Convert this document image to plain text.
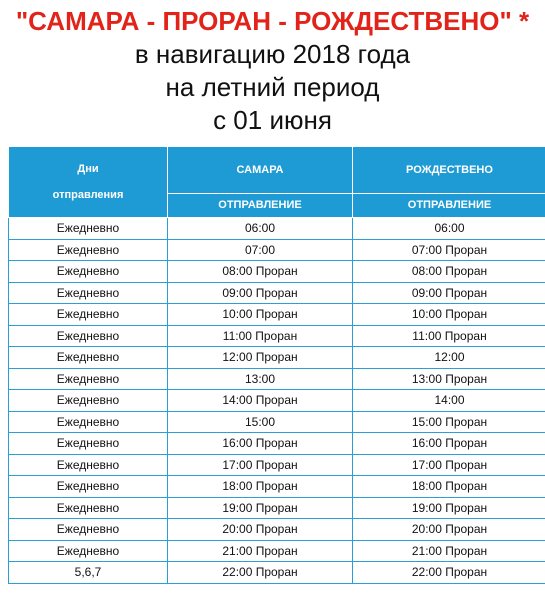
"САМАРА - ПРОРАН - РОЖДЕСТВЕНО" *

в навигацию 2018 года

на летний период

с 01 июня

Дни
отправления	САМАРА	РОЖДЕСТВЕНО
	ОТПРАВЛЕНИЕ	ОТПРАВЛЕНИЕ
Ежедневно	06:00	06:00
Ежедневно	07:00	07:00 Проран
Ежедневно	08:00 Проран	08:00 Проран
Ежедневно	09:00 Проран	09:00 Проран
Ежедневно	10:00 Проран	10:00 Проран
Ежедневно	11:00 Проран	11:00 Проран
Ежедневно	12:00 Проран	12:00
Ежедневно	13:00	13:00 Проран
Ежедневно	14:00 Проран	14:00
Ежедневно	15:00	15:00 Проран
Ежедневно	16:00 Проран	16:00 Проран
Ежедневно	17:00 Проран	17:00 Проран
Ежедневно	18:00 Проран	18:00 Проран
Ежедневно	19:00 Проран	19:00 Проран
Ежедневно	20:00 Проран	20:00 Проран
Ежедневно	21:00 Проран	21:00 Проран
5,6,7	22:00 Проран	22:00 Проран
